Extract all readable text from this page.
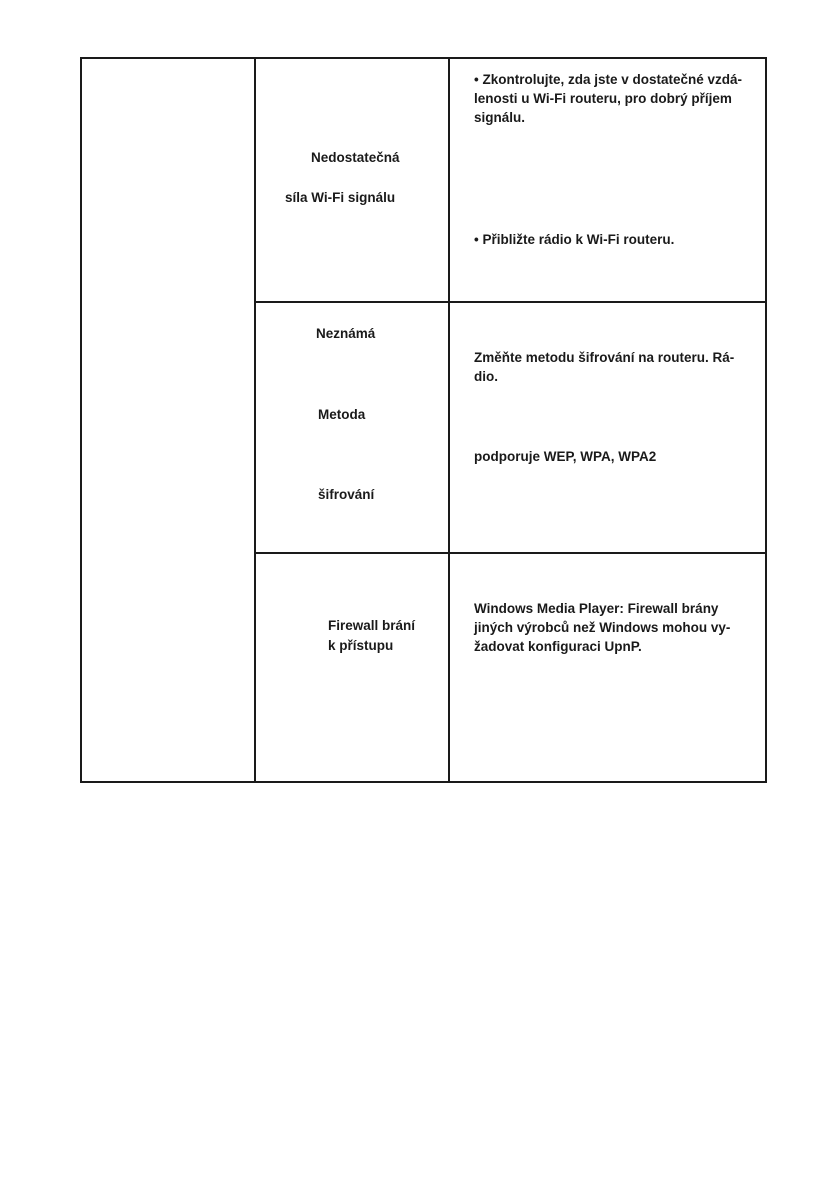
Nedostatečná

síla Wi-Fi signálu

• Zkontrolujte, zda jste v dostatečné vzdá-
lenosti u Wi-Fi routeru, pro dobrý příjem
signálu.

• Přibližte rádio k Wi-Fi routeru.

Neznámá

Metoda

šifrování

Změňte metodu šifrování na routeru. Rá-
dio.

podporuje WEP, WPA, WPA2

Firewall brání

k přístupu

Windows Media Player: Firewall brány
jiných výrobců než Windows mohou vy-
žadovat konfiguraci UpnP.
